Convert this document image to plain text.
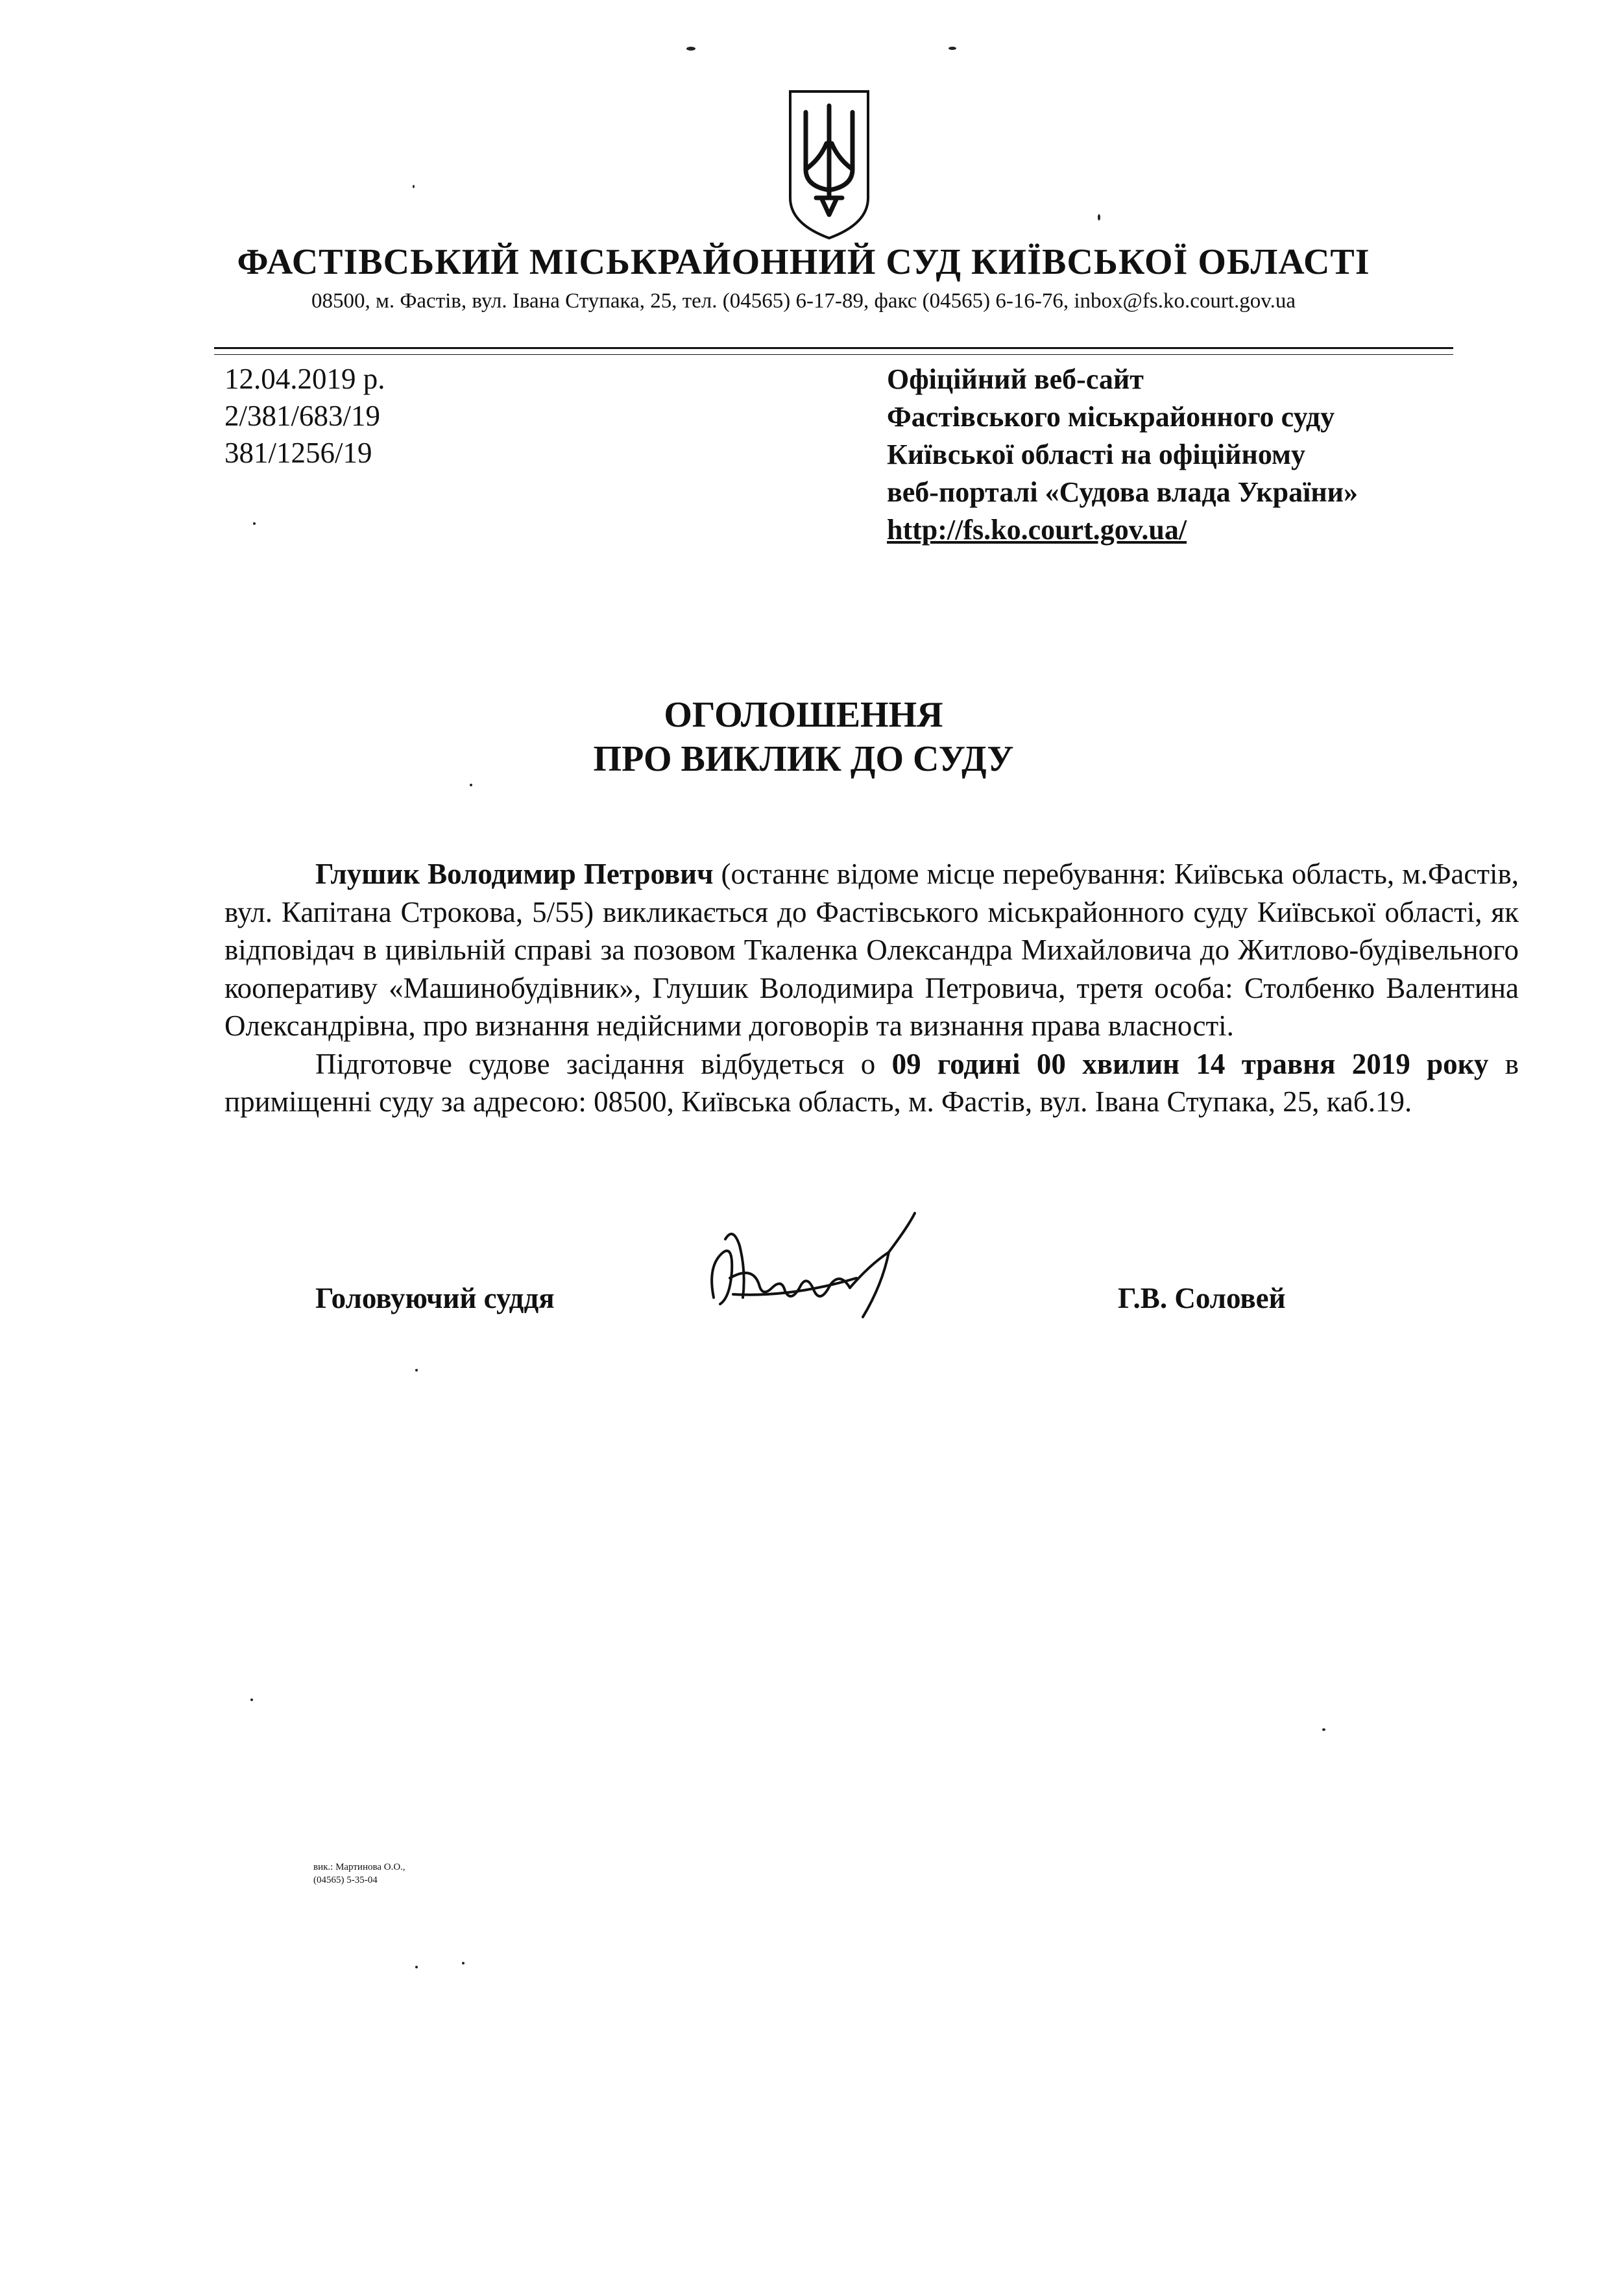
ФАСТІВСЬКИЙ МІСЬКРАЙОННИЙ СУД КИЇВСЬКОЇ ОБЛАСТІ
08500, м. Фастів, вул. Івана Ступака, 25, тел. (04565) 6-17-89, факс (04565) 6-16-76, inbox@fs.ko.court.gov.ua
12.04.2019 р.
2/381/683/19
381/1256/19
Офіційний веб-сайт
Фастівського міськрайонного суду
Київської області на офіційному
веб-порталі «Судова влада України»
http://fs.ko.court.gov.ua/
ОГОЛОШЕННЯ
ПРО ВИКЛИК ДО СУДУ

Глушик Володимир Петрович (останнє відоме місце перебування: Київська область, м.Фастів, вул. Капітана Строкова, 5/55) викликається до Фастівського міськрайонного суду Київської області, як відповідач в цивільній справі за позовом Ткаленка Олександра Михайловича до Житлово-будівельного кооперативу «Машинобудівник», Глушик Володимира Петровича, третя особа: Столбенко Валентина Олександрівна, про визнання недійсними договорів та визнання права власності.

Підготовче судове засідання відбудеться о 09 годині 00 хвилин 14 травня 2019 року в приміщенні суду за адресою: 08500, Київська область, м. Фастів, вул. Івана Ступака, 25, каб.19.

Головуючий суддя	Г.В. Соловей
вик.: Мартинова О.О.,
(04565) 5-35-04
